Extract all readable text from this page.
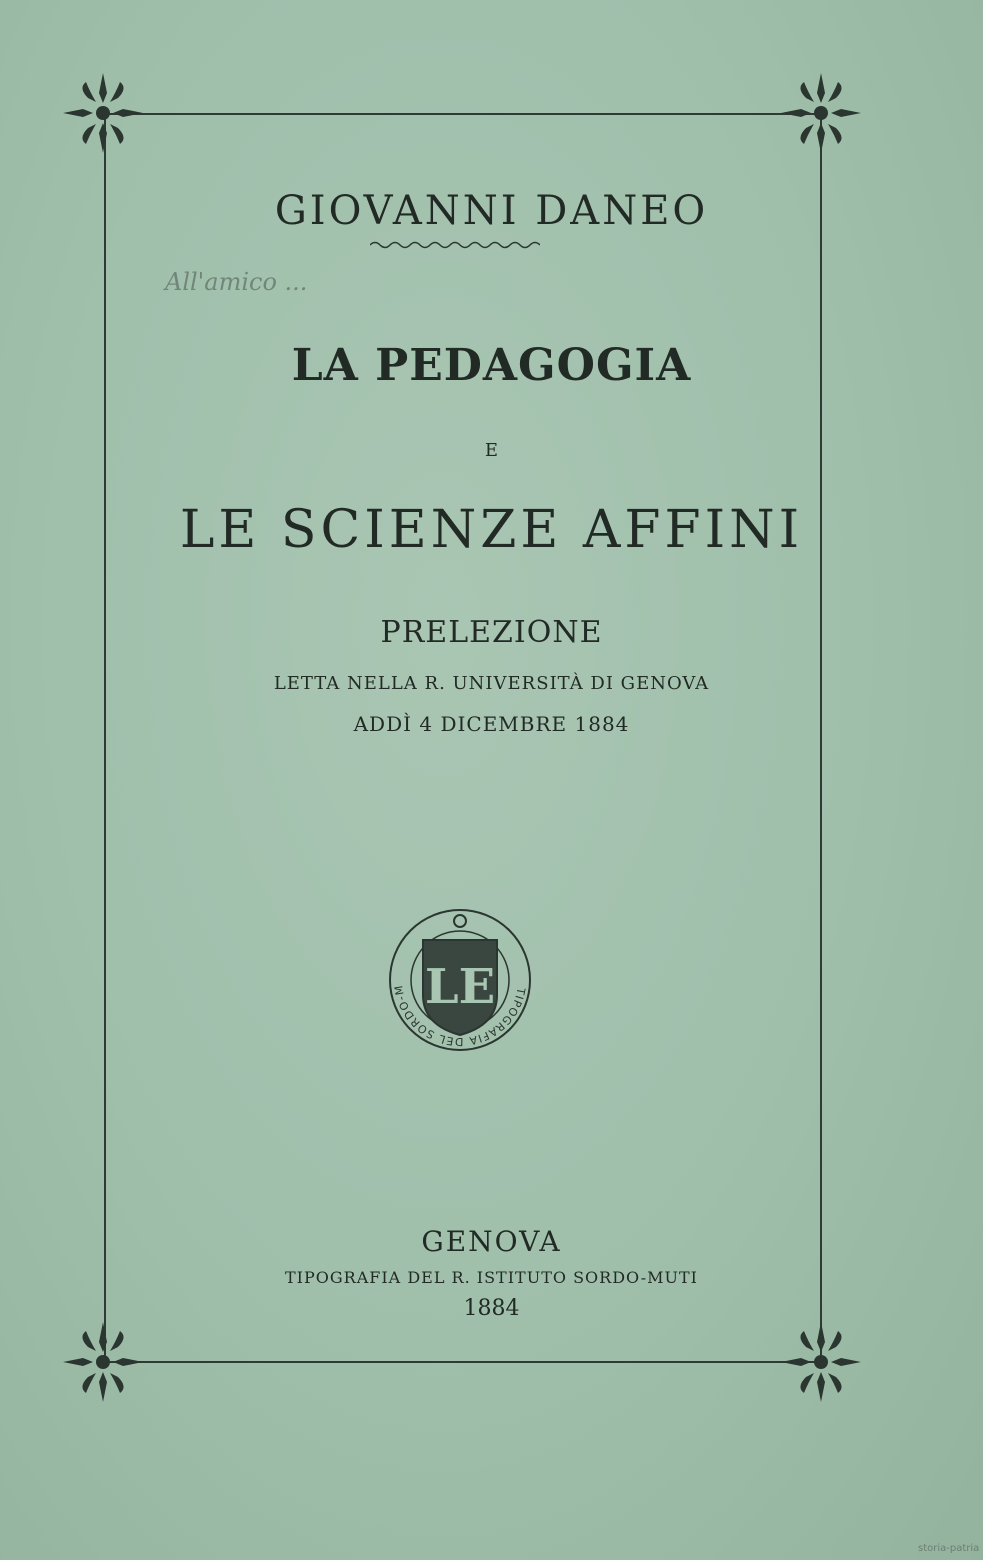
GIOVANNI DANEO

All'amico ...

LA PEDAGOGIA

E

LE SCIENZE AFFINI

PRELEZIONE

LETTA NELLA R. UNIVERSITÀ DI GENOVA

ADDÌ 4 DICEMBRE 1884

LE	TIPOGRAFIA DEL SORDO-M

GENOVA

TIPOGRAFIA DEL R. ISTITUTO SORDO-MUTI

1884

storia-patria
